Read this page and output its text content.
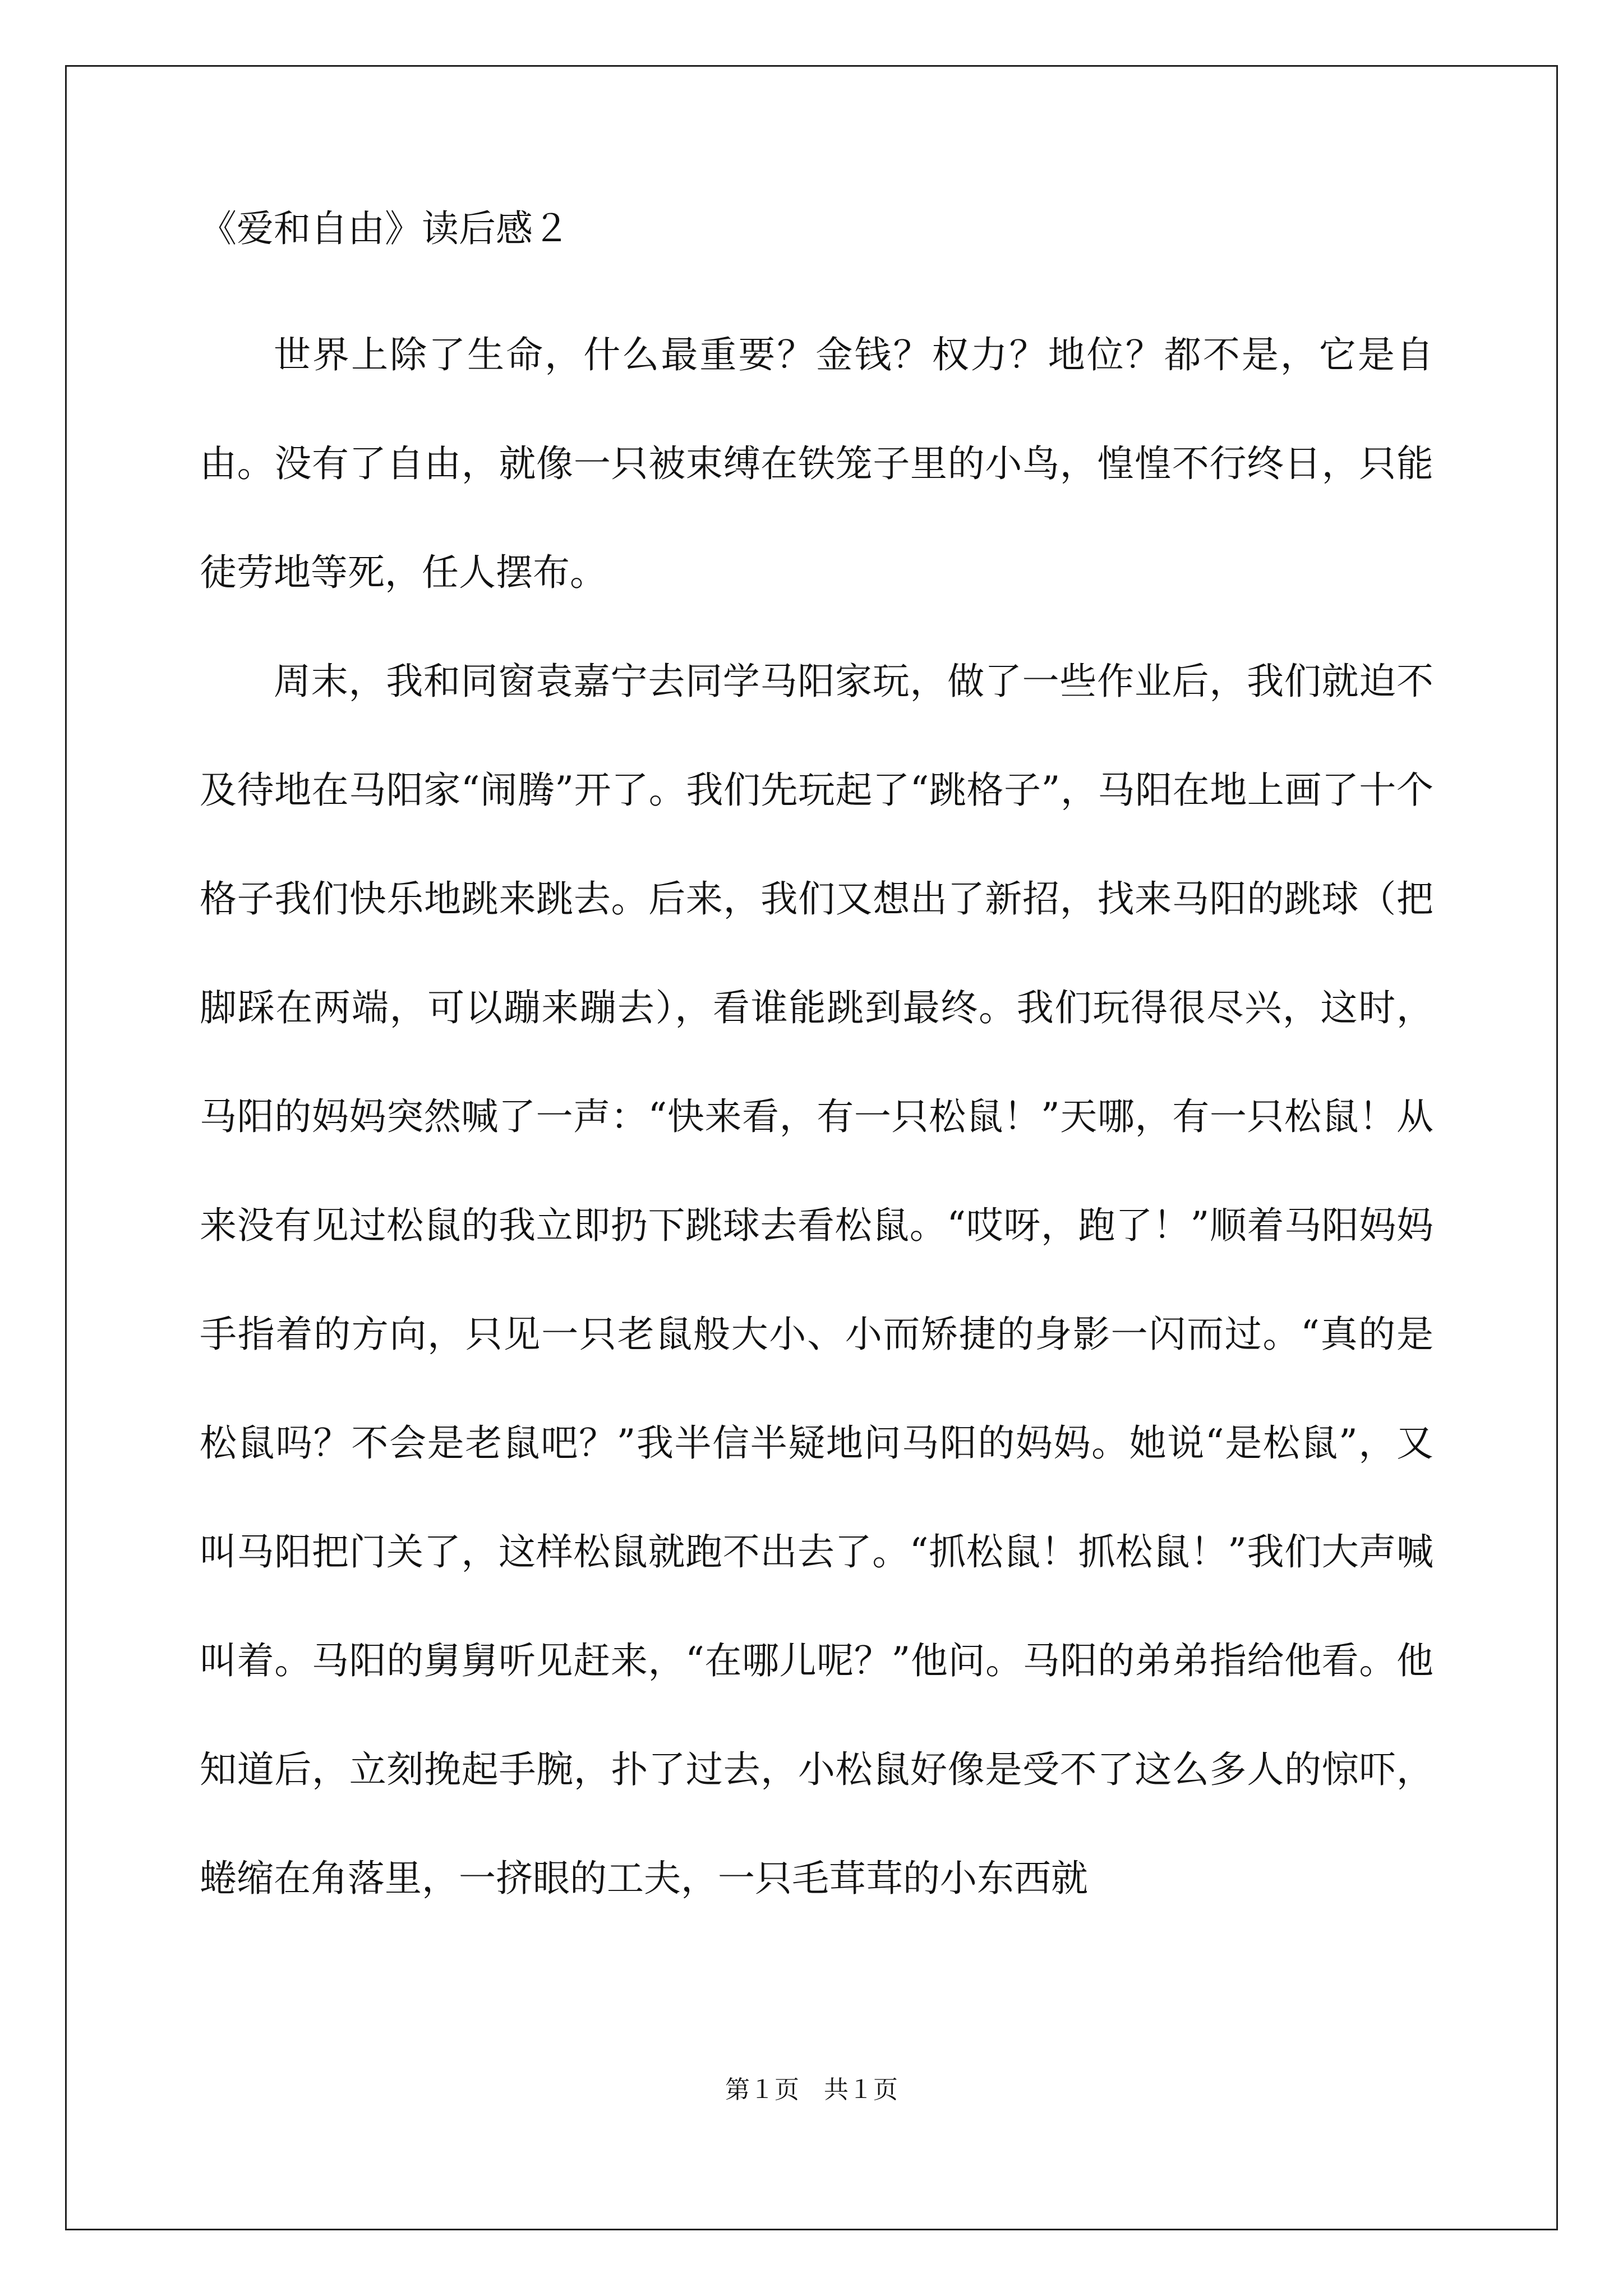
《爱和自由》读后感２

世界上除了生命，什么最重要？金钱？权力？地位？都不是，它是自由。没有了自由，就像一只被束缚在铁笼子里的小鸟，惶惶不行终日，只能徒劳地等死，任人摆布。

周末，我和同窗袁嘉宁去同学马阳家玩，做了一些作业后，我们就迫不及待地在马阳家“闹腾”开了。我们先玩起了“跳格子”，马阳在地上画了十个格子我们快乐地跳来跳去。后来，我们又想出了新招，找来马阳的跳球（把脚踩在两端，可以蹦来蹦去），看谁能跳到最终。我们玩得很尽兴，这时，马阳的妈妈突然喊了一声：“快来看，有一只松鼠！”天哪，有一只松鼠！从来没有见过松鼠的我立即扔下跳球去看松鼠。“哎呀，跑了！”顺着马阳妈妈手指着的方向，只见一只老鼠般大小、小而矫捷的身影一闪而过。“真的是松鼠吗？不会是老鼠吧？”我半信半疑地问马阳的妈妈。她说“是松鼠”，又叫马阳把门关了，这样松鼠就跑不出去了。“抓松鼠！抓松鼠！”我们大声喊叫着。马阳的舅舅听见赶来，“在哪儿呢？”他问。马阳的弟弟指给他看。他知道后，立刻挽起手腕，扑了过去，小松鼠好像是受不了这么多人的惊吓，蜷缩在角落里，一挤眼的工夫，一只毛茸茸的小东西就

第１页　共１页
